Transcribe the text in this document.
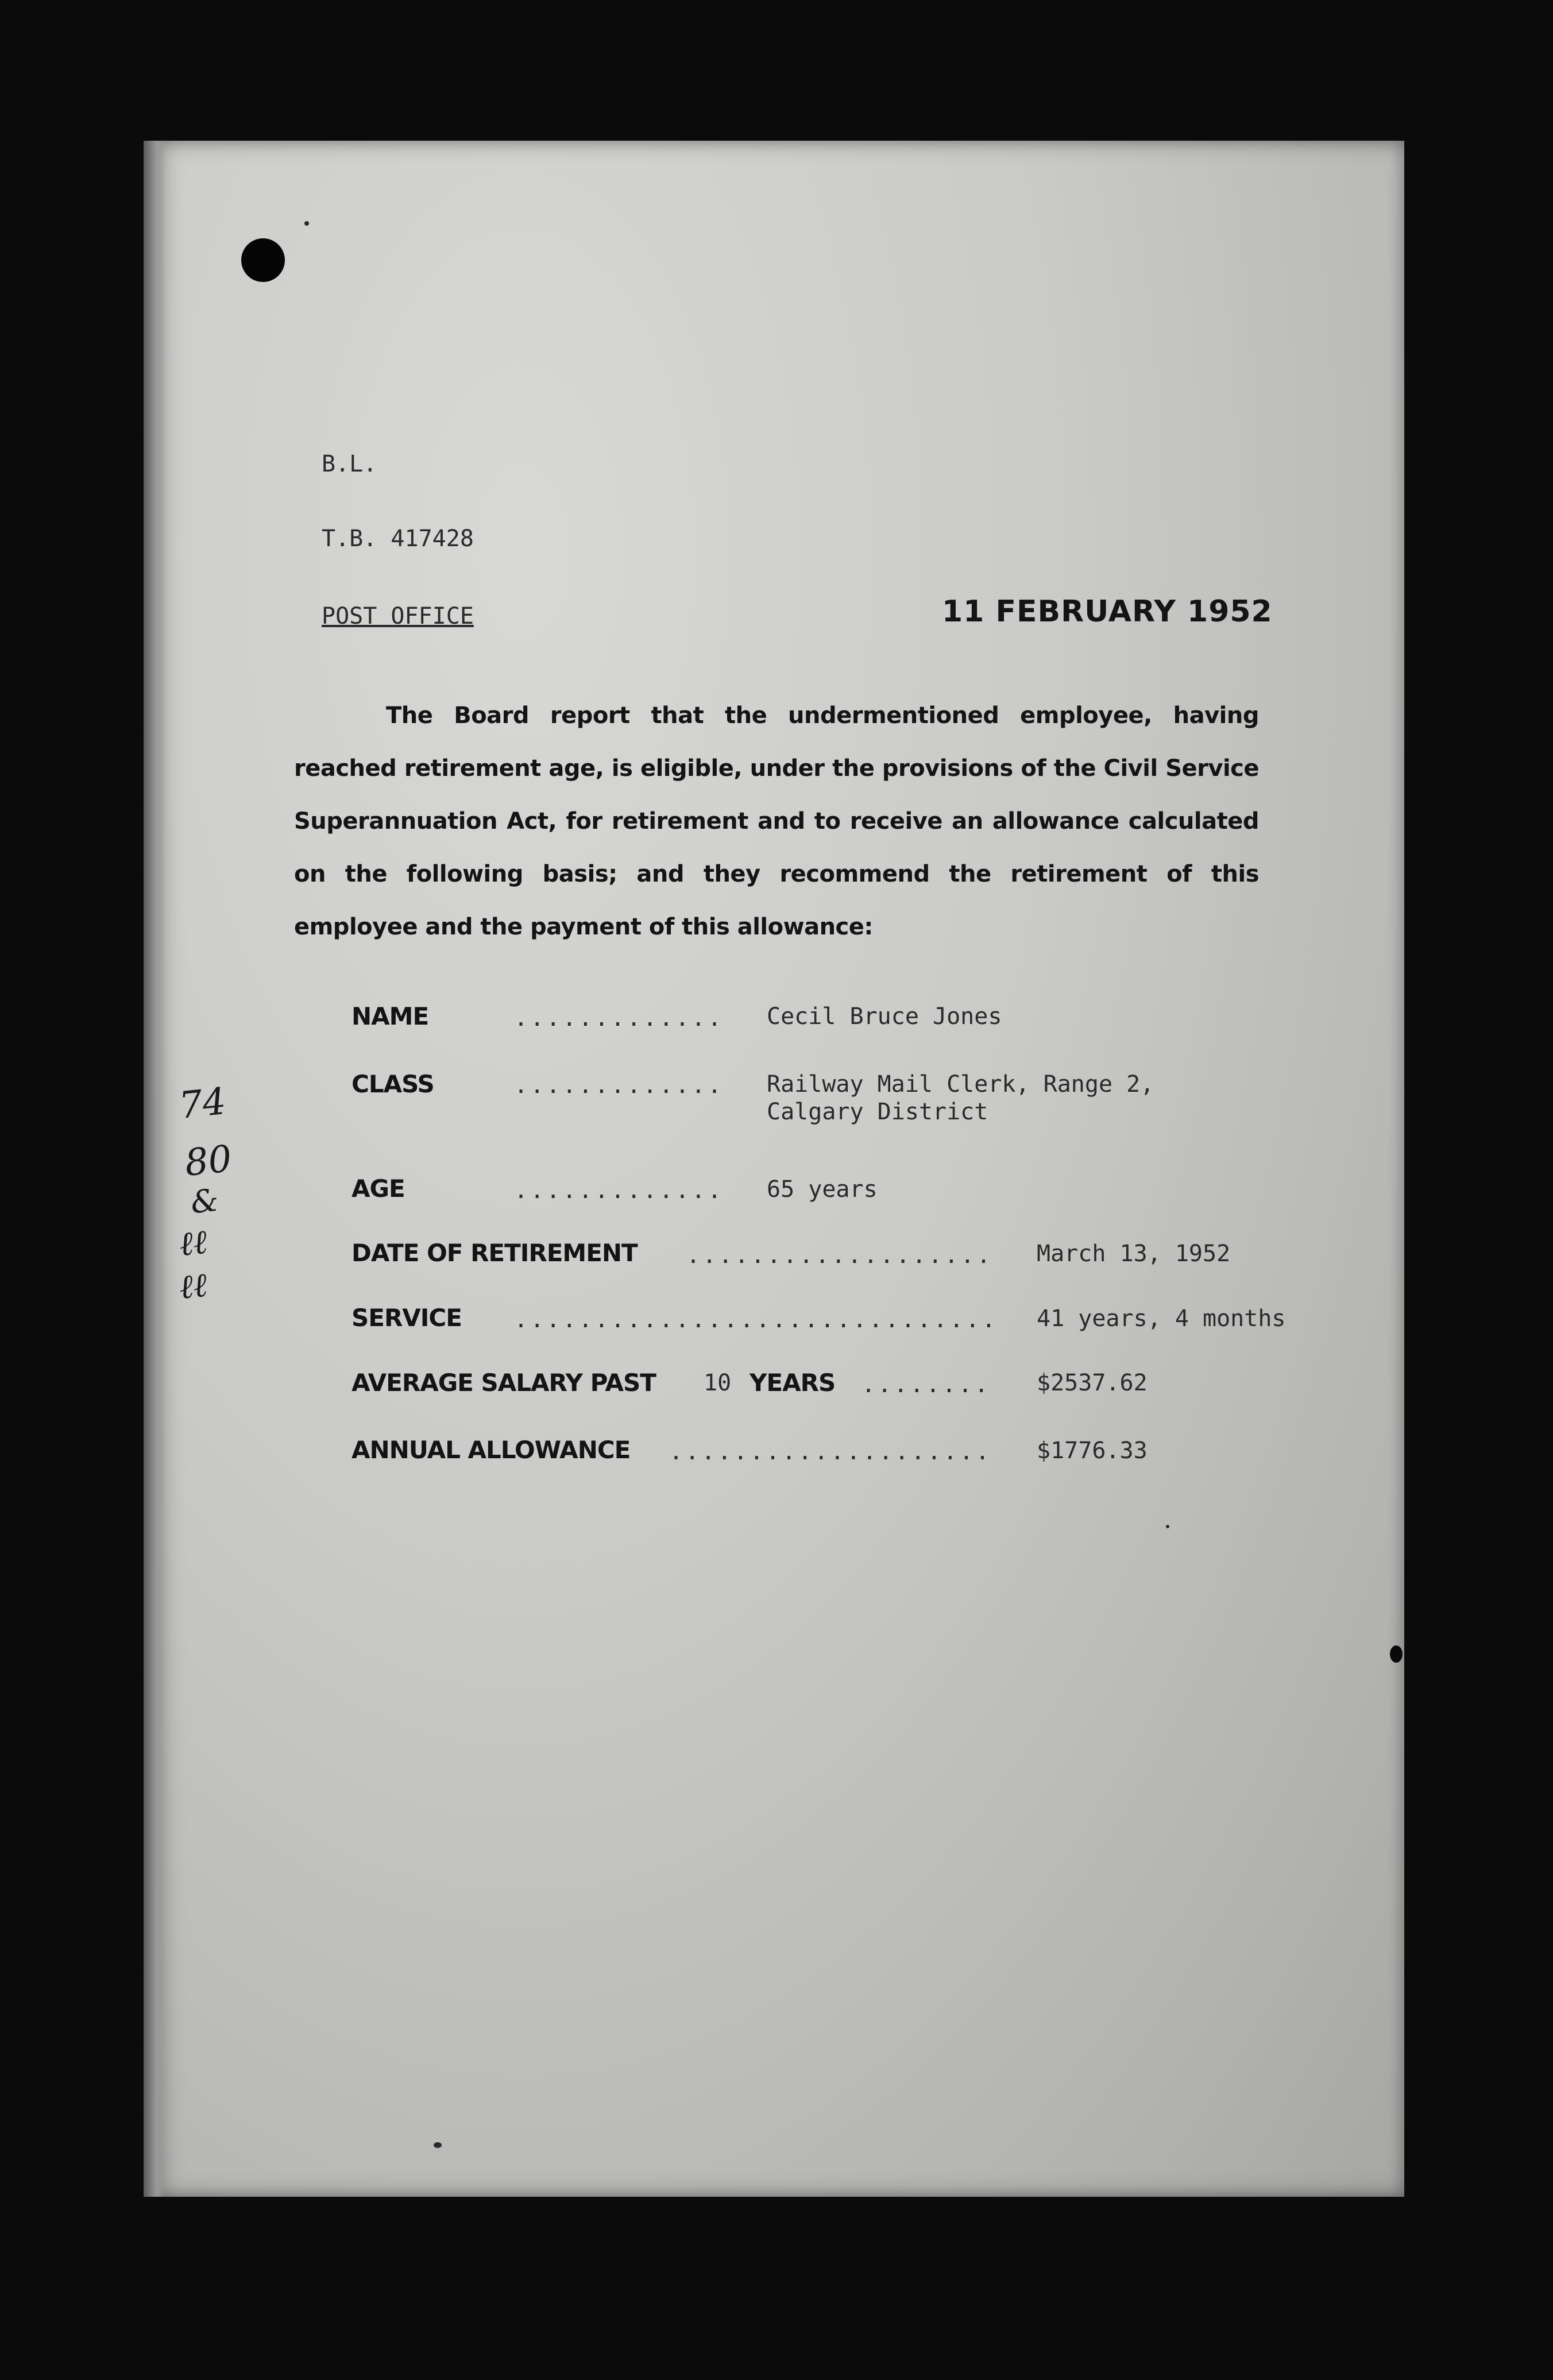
B.L.
T.B. 417428
POST OFFICE	11 FEBRUARY 1952
The Board report that the undermentioned employee, having reached retirement age, is eligible, under the provisions of the Civil Service Superannuation Act, for retirement and to receive an allowance calculated on the following basis; and they recommend the retirement of this employee and the payment of this allowance:
NAME	............. Cecil Bruce Jones
CLASS	............. Railway Mail Clerk, Range 2,
Calgary District
AGE	............. 65 years
DATE OF RETIREMENT ................... March 13, 1952
SERVICE .............................. 41 years, 4 months
AVERAGE SALARY PAST 10 YEARS ........ $2537.62
ANNUAL ALLOWANCE .................... $1776.33
74
80
&
ℓℓ
ℓℓ
